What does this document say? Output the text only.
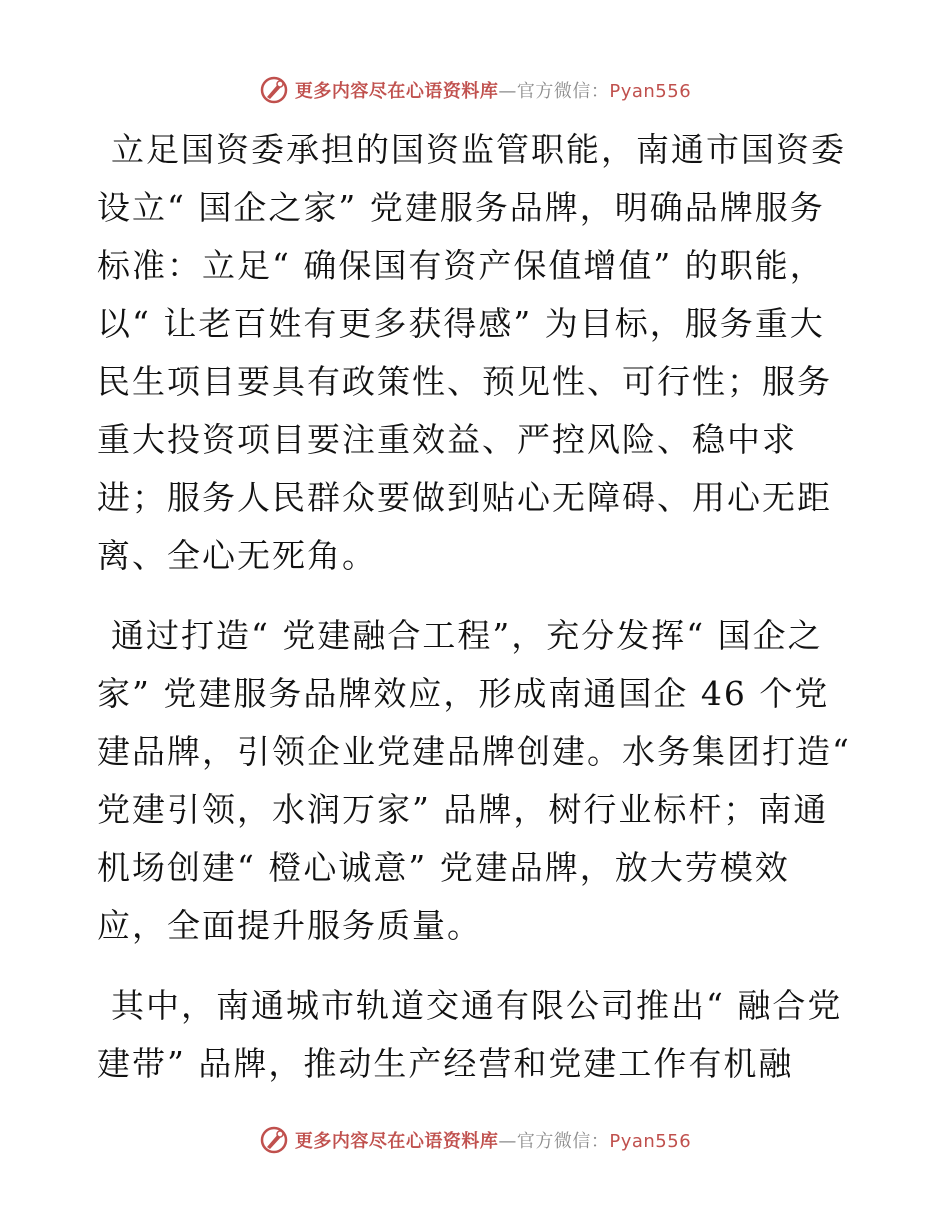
更多内容尽在心语资料库—官方微信：Pyan556

立足国资委承担的国资监管职能，南通市国资委设立“ 国企之家” 党建服务品牌，明确品牌服务标准：立足“ 确保国有资产保值增值” 的职能，以“ 让老百姓有更多获得感” 为目标，服务重大民生项目要具有政策性、预见性、可行性；服务重大投资项目要注重效益、严控风险、稳中求进；服务人民群众要做到贴心无障碍、用心无距离、全心无死角。

通过打造“ 党建融合工程”，充分发挥“ 国企之家” 党建服务品牌效应，形成南通国企 46 个党建品牌，引领企业党建品牌创建。水务集团打造“ 党建引领，水润万家” 品牌，树行业标杆；南通机场创建“ 橙心诚意” 党建品牌，放大劳模效应，全面提升服务质量。

其中，南通城市轨道交通有限公司推出“ 融合党建带” 品牌，推动生产经营和党建工作有机融

更多内容尽在心语资料库—官方微信：Pyan556
